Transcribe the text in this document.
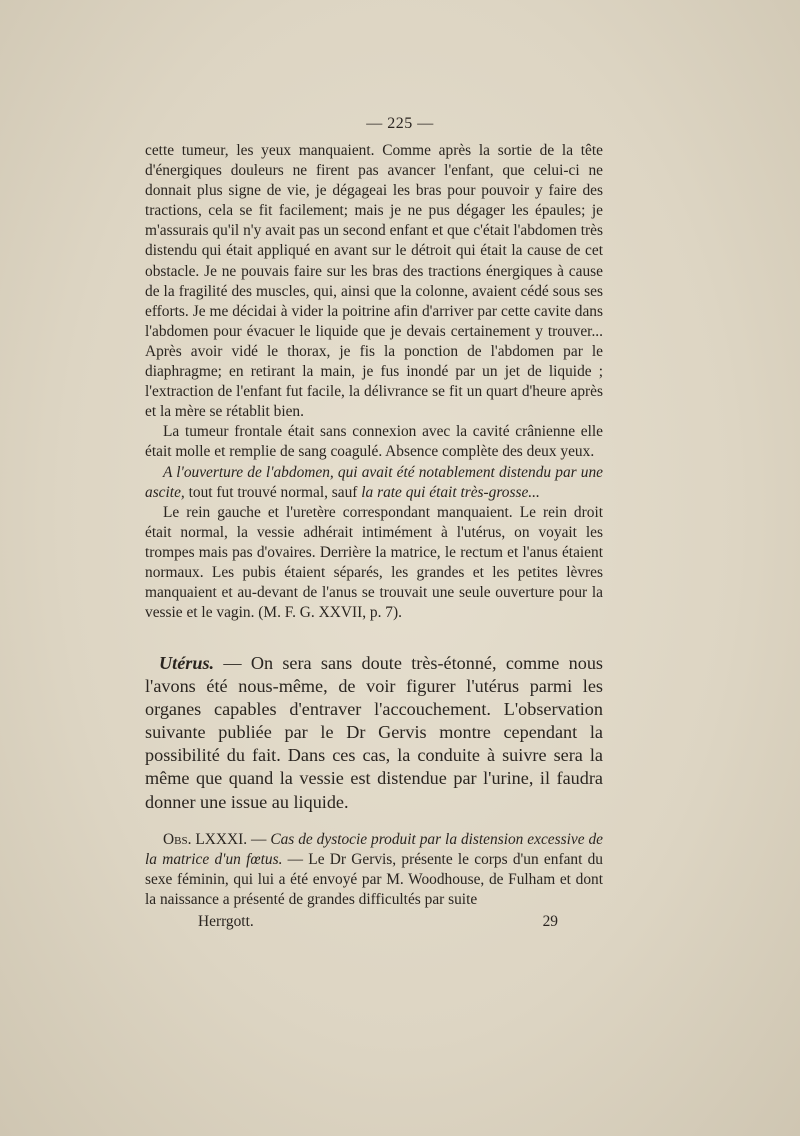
— 225 —

cette tumeur, les yeux manquaient. Comme après la sortie de la tête d'énergiques douleurs ne firent pas avancer l'enfant, que celui-ci ne donnait plus signe de vie, je dégageai les bras pour pouvoir y faire des tractions, cela se fit facilement; mais je ne pus dégager les épaules; je m'assurais qu'il n'y avait pas un second enfant et que c'était l'abdomen très distendu qui était appliqué en avant sur le détroit qui était la cause de cet obstacle. Je ne pouvais faire sur les bras des tractions énergiques à cause de la fragilité des muscles, qui, ainsi que la colonne, avaient cédé sous ses efforts. Je me décidai à vider la poitrine afin d'arriver par cette cavite dans l'abdomen pour évacuer le liquide que je devais certainement y trouver... Après avoir vidé le thorax, je fis la ponction de l'abdomen par le diaphragme; en retirant la main, je fus inondé par un jet de liquide ; l'extraction de l'enfant fut facile, la délivrance se fit un quart d'heure après et la mère se rétablit bien.

La tumeur frontale était sans connexion avec la cavité crânienne elle était molle et remplie de sang coagulé. Absence complète des deux yeux.

A l'ouverture de l'abdomen, qui avait été notablement distendu par une ascite, tout fut trouvé normal, sauf la rate qui était très-grosse...

Le rein gauche et l'uretère correspondant manquaient. Le rein droit était normal, la vessie adhérait intimément à l'utérus, on voyait les trompes mais pas d'ovaires. Derrière la matrice, le rectum et l'anus étaient normaux. Les pubis étaient séparés, les grandes et les petites lèvres manquaient et au-devant de l'anus se trouvait une seule ouverture pour la vessie et le vagin. (M. F. G. XXVII, p. 7).

Utérus. — On sera sans doute très-étonné, comme nous l'avons été nous-même, de voir figurer l'utérus parmi les organes capables d'entraver l'accouchement. L'observation suivante publiée par le Dr Gervis montre cependant la possibilité du fait. Dans ces cas, la conduite à suivre sera la même que quand la vessie est distendue par l'urine, il faudra donner une issue au liquide.

Obs. LXXXI. — Cas de dystocie produit par la distension excessive de la matrice d'un fœtus. — Le Dr Gervis, présente le corps d'un enfant du sexe féminin, qui lui a été envoyé par M. Woodhouse, de Fulham et dont la naissance a présenté de grandes difficultés par suite

Herrgott.	29
